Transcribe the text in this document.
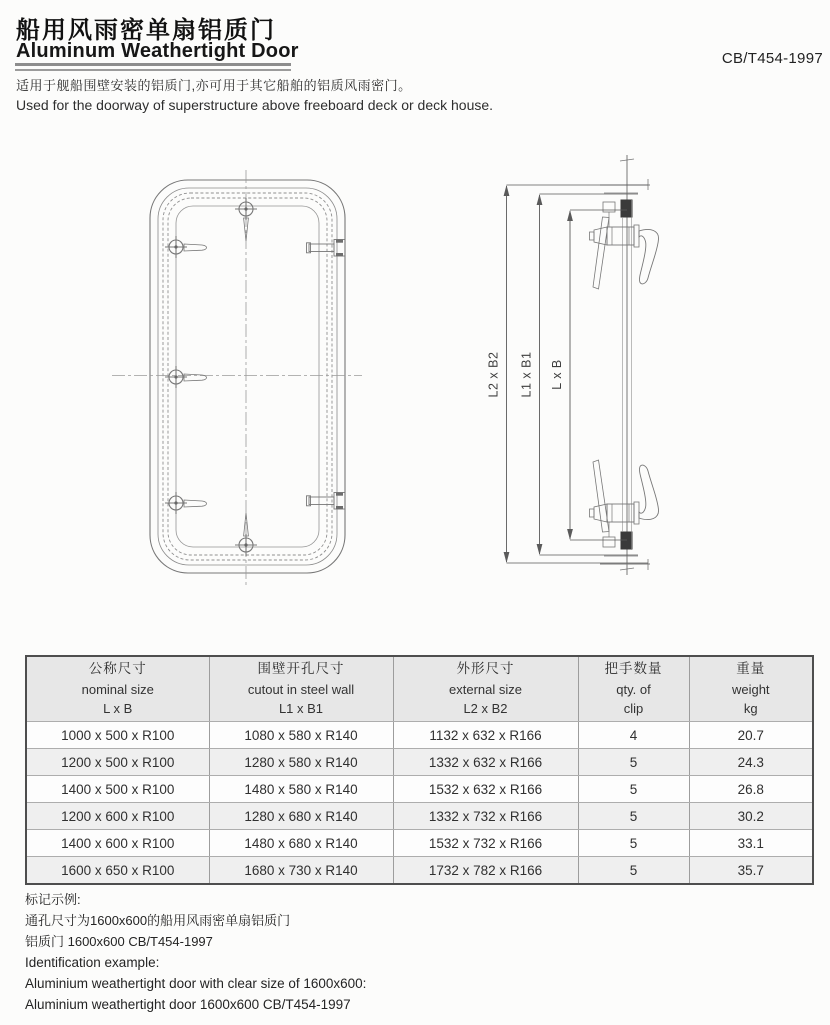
船用风雨密单扇铝质门
Aluminum Weathertight Door	CB/T454-1997
适用于舰船围壁安装的铝质门,亦可用于其它船舶的铝质风雨密门。
Used for the doorway of superstructure above freeboard deck or deck house.
L2 x B2 L1 x B1 L x B
公称尺寸
nominal size
L x B

围壁开孔尺寸
cutout in steel wall
L1 x B1

外形尺寸
external size
L2 x B2

把手数量
qty. of
clip

重量
weight
kg

1000 x 500 x R100	1080 x 580 x R140	1132 x 632 x R166	4	20.7
1200 x 500 x R100	1280 x 580 x R140	1332 x 632 x R166	5	24.3
1400 x 500 x R100	1480 x 580 x R140	1532 x 632 x R166	5	26.8
1200 x 600 x R100	1280 x 680 x R140	1332 x 732 x R166	5	30.2
1400 x 600 x R100	1480 x 680 x R140	1532 x 732 x R166	5	33.1
1600 x 650 x R100	1680 x 730 x R140	1732 x 782 x R166	5	35.7
标记示例:
通孔尺寸为1600x600的船用风雨密单扇铝质门
铝质门 1600x600 CB/T454-1997
Identification example:
Aluminium weathertight door with clear size of 1600x600:
Aluminium weathertight door 1600x600 CB/T454-1997
